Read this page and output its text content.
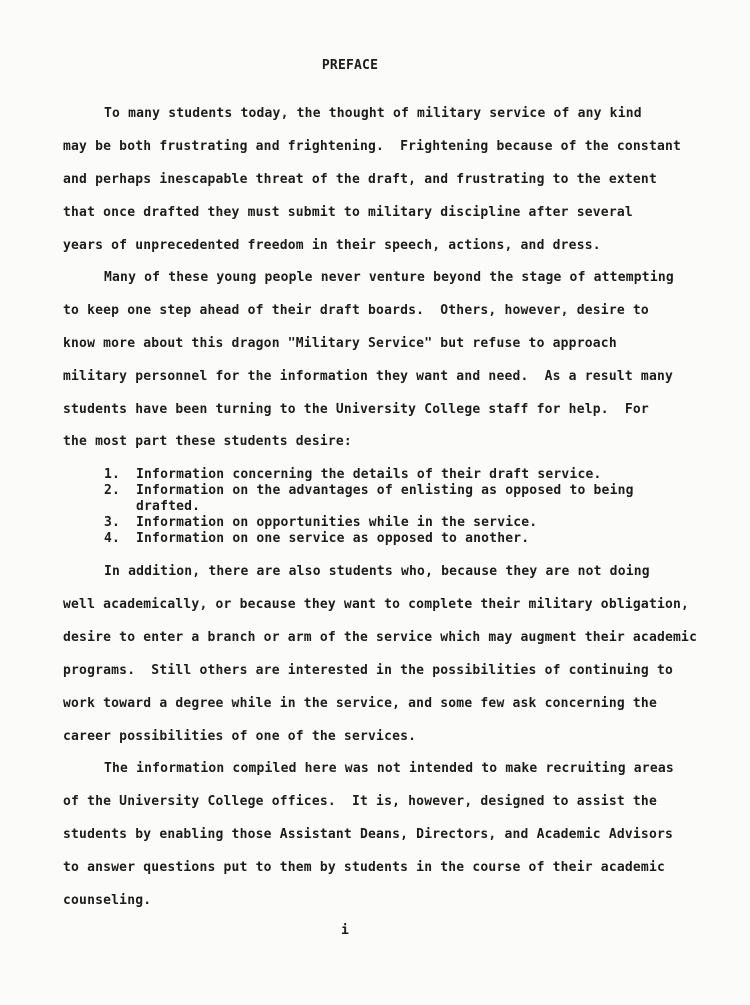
PREFACE
To many students today, the thought of military service of any kind
may be both frustrating and frightening.  Frightening because of the constant
and perhaps inescapable threat of the draft, and frustrating to the extent
that once drafted they must submit to military discipline after several
years of unprecedented freedom in their speech, actions, and dress.
Many of these young people never venture beyond the stage of attempting
to keep one step ahead of their draft boards.  Others, however, desire to
know more about this dragon "Military Service" but refuse to approach
military personnel for the information they want and need.  As a result many
students have been turning to the University College staff for help.  For
the most part these students desire:
1. Information concerning the details of their draft service.
2. Information on the advantages of enlisting as opposed to being
drafted.
3. Information on opportunities while in the service.
4. Information on one service as opposed to another.
In addition, there are also students who, because they are not doing
well academically, or because they want to complete their military obligation,
desire to enter a branch or arm of the service which may augment their academic
programs.  Still others are interested in the possibilities of continuing to
work toward a degree while in the service, and some few ask concerning the
career possibilities of one of the services.
The information compiled here was not intended to make recruiting areas
of the University College offices.  It is, however, designed to assist the
students by enabling those Assistant Deans, Directors, and Academic Advisors
to answer questions put to them by students in the course of their academic
counseling.
i
